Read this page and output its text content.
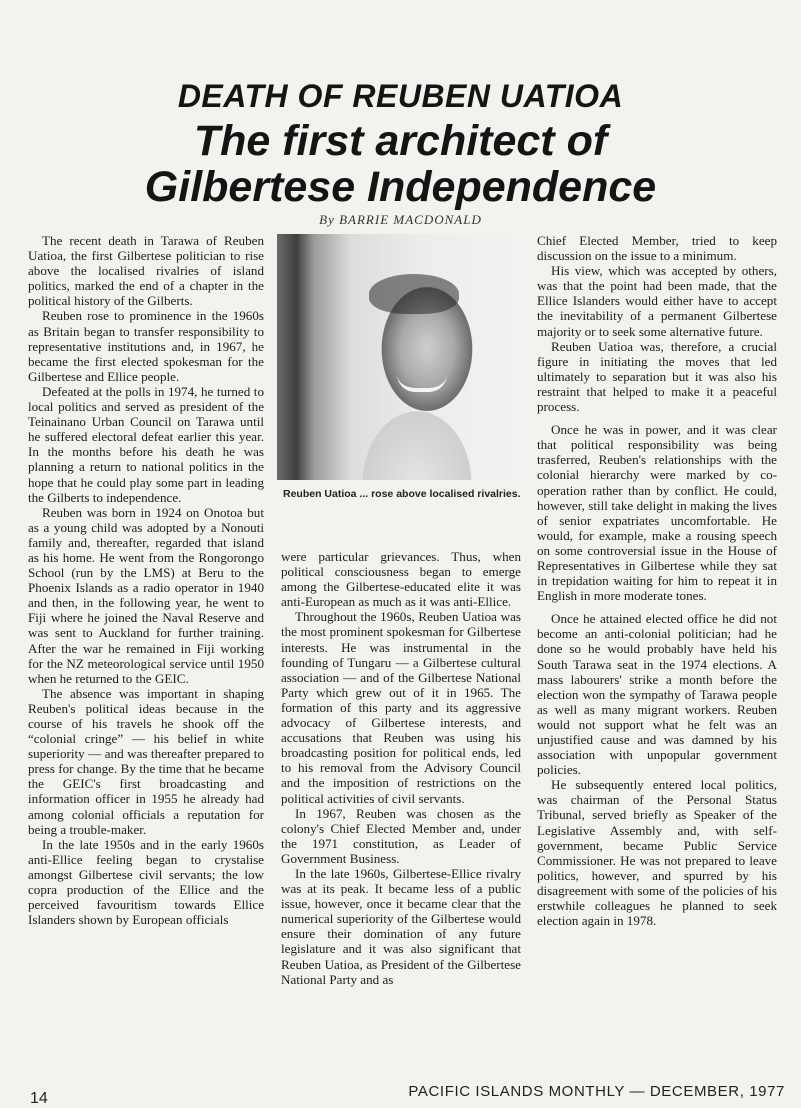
DEATH OF REUBEN UATIOA
The first architect of
Gilbertese Independence
By BARRIE MACDONALD

The recent death in Tarawa of Reuben Uatioa, the first Gilbertese politician to rise above the localised rivalries of island politics, marked the end of a chapter in the political history of the Gilberts.

Reuben rose to prominence in the 1960s as Britain began to transfer responsibility to representative institutions and, in 1967, he became the first elected spokesman for the Gilbertese and Ellice people.

Defeated at the polls in 1974, he turned to local politics and served as president of the Teinainano Urban Council on Tarawa until he suffered electoral defeat earlier this year. In the months before his death he was planning a return to national politics in the hope that he could play some part in leading the Gilberts to independence.

Reuben was born in 1924 on Onotoa but as a young child was adopted by a Nonouti family and, thereafter, regarded that island as his home. He went from the Rongorongo School (run by the LMS) at Beru to the Phoenix Islands as a radio operator in 1940 and then, in the following year, he went to Fiji where he joined the Naval Reserve and was sent to Auckland for further training. After the war he remained in Fiji working for the NZ meteorological service until 1950 when he returned to the GEIC.

The absence was important in shaping Reuben's political ideas because in the course of his travels he shook off the “colonial cringe” — his belief in white superiority — and was thereafter prepared to press for change. By the time that he became the GEIC's first broadcasting and information officer in 1955 he already had among colonial officials a reputation for being a trouble-maker.

In the late 1950s and in the early 1960s anti-Ellice feeling began to crystalise amongst Gilbertese civil servants; the low copra production of the Ellice and the perceived favouritism towards Ellice Islanders shown by European officials

Reuben Uatioa ... rose above localised rivalries.

were particular grievances. Thus, when political consciousness began to emerge among the Gilbertese-educated elite it was anti-European as much as it was anti-Ellice.

Throughout the 1960s, Reuben Uatioa was the most prominent spokesman for Gilbertese interests. He was instrumental in the founding of Tungaru — a Gilbertese cultural association — and of the Gilbertese National Party which grew out of it in 1965. The formation of this party and its aggressive advocacy of Gilbertese interests, and accusations that Reuben was using his broadcasting position for political ends, led to his removal from the Advisory Council and the imposition of restrictions on the political activities of civil servants.

In 1967, Reuben was chosen as the colony's Chief Elected Member and, under the 1971 constitution, as Leader of Government Business.

In the late 1960s, Gilbertese-Ellice rivalry was at its peak. It became less of a public issue, however, once it became clear that the numerical superiority of the Gilbertese would ensure their domination of any future legislature and it was also significant that Reuben Uatioa, as President of the Gilbertese National Party and as

Chief Elected Member, tried to keep discussion on the issue to a minimum.

His view, which was accepted by others, was that the point had been made, that the Ellice Islanders would either have to accept the inevitability of a permanent Gilbertese majority or to seek some alternative future.

Reuben Uatioa was, therefore, a crucial figure in initiating the moves that led ultimately to separation but it was also his restraint that helped to make it a peaceful process.

Once he was in power, and it was clear that political responsibility was being trasferred, Reuben's relationships with the colonial hierarchy were marked by co-operation rather than by conflict. He could, however, still take delight in making the lives of senior expatriates uncomfortable. He would, for example, make a rousing speech on some controversial issue in the House of Representatives in Gilbertese while they sat in trepidation waiting for him to repeat it in English in more moderate tones.

Once he attained elected office he did not become an anti-colonial politician; had he done so he would probably have held his South Tarawa seat in the 1974 elections. A mass labourers' strike a month before the election won the sympathy of Tarawa people as well as many migrant workers. Reuben would not support what he felt was an unjustified cause and was damned by his association with unpopular government policies.

He subsequently entered local politics, was chairman of the Personal Status Tribunal, served briefly as Speaker of the Legislative Assembly and, with self-government, became Public Service Commissioner. He was not prepared to leave politics, however, and spurred by his disagreement with some of the policies of his erstwhile colleagues he planned to seek election again in 1978.

14	PACIFIC ISLANDS MONTHLY — DECEMBER, 1977
